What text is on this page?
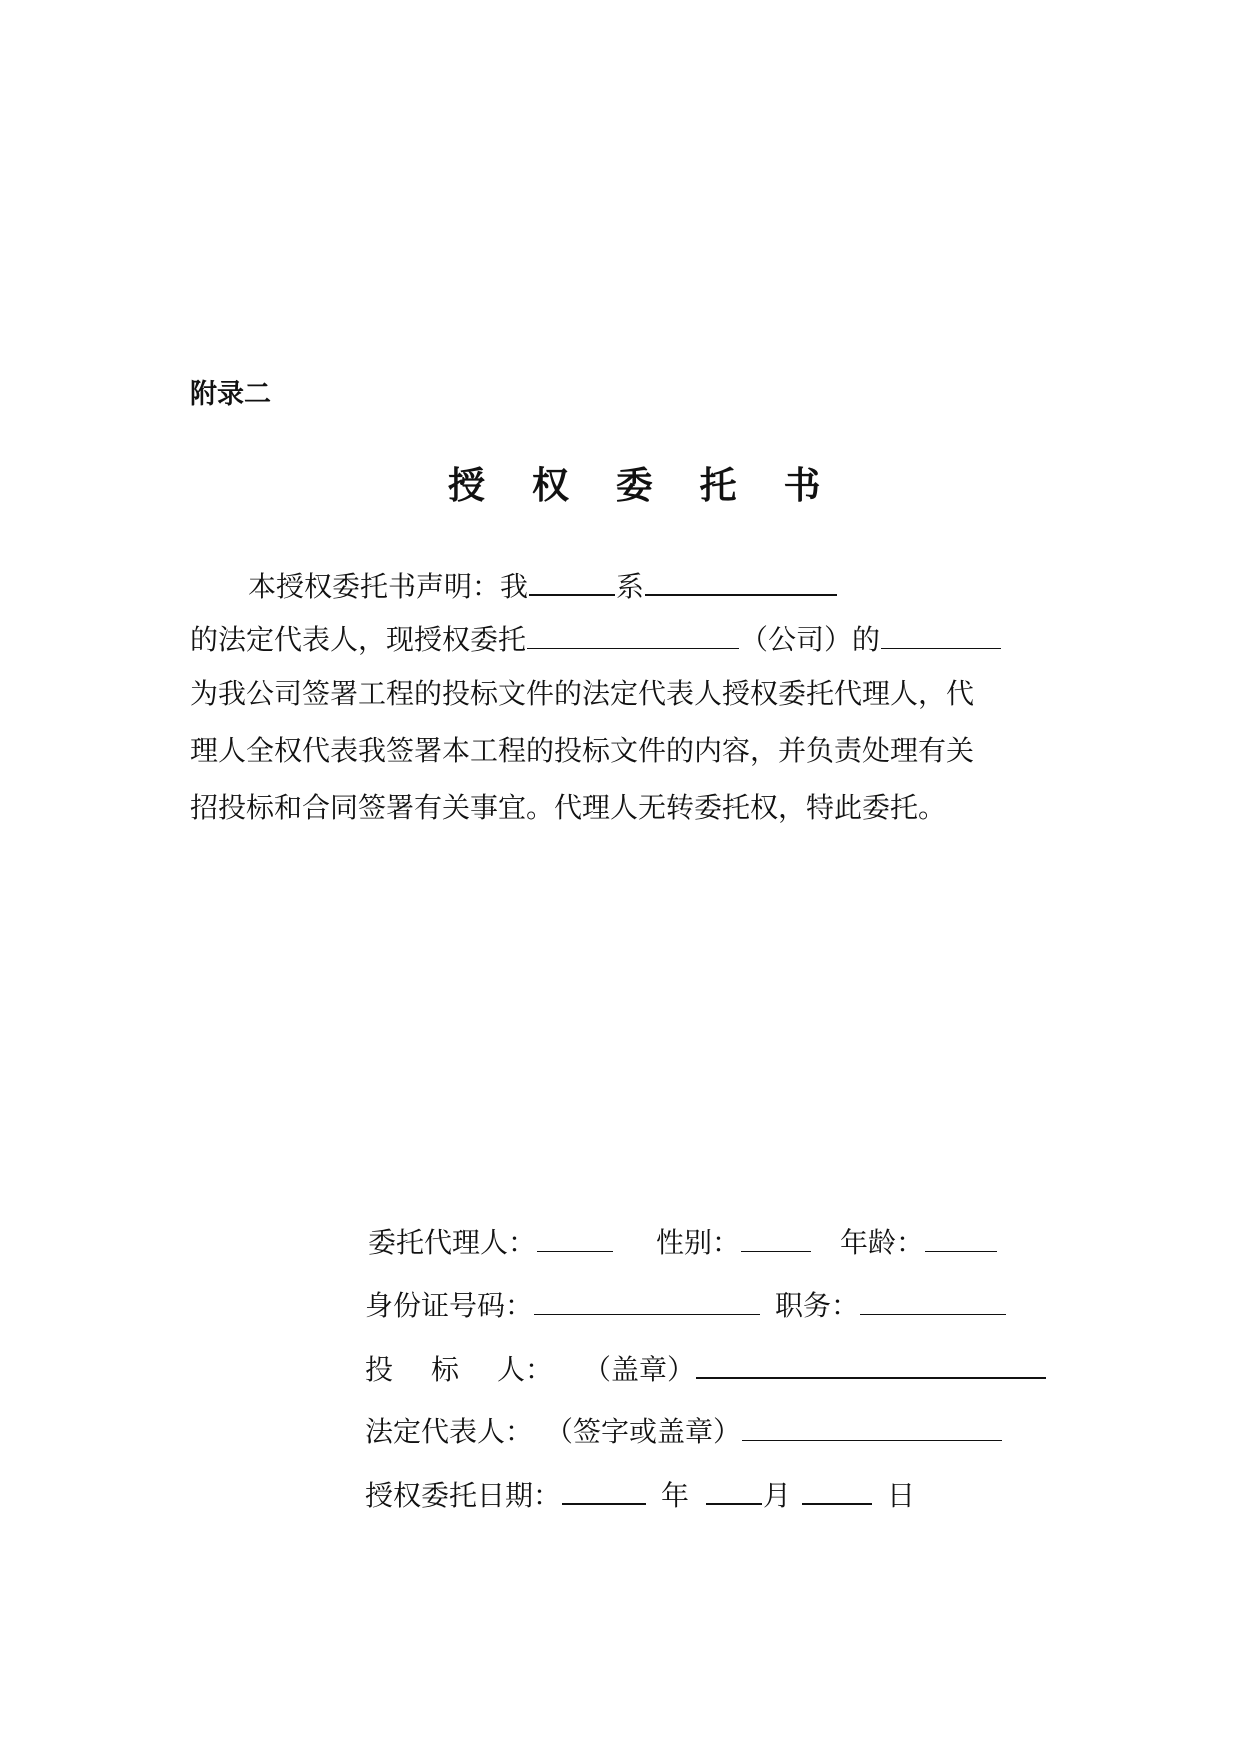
附录二
授 权 委 托 书
本授权委托书声明：我	系
的法定代表人，现授权委托	（公司）的
为我公司签署工程的投标文件的法定代表人授权委托代理人，代
理人全权代表我签署本工程的投标文件的内容，并负责处理有关
招投标和合同签署有关事宜。代理人无转委托权，特此委托。
委托代理人：	性别：	年龄：
身份证号码：	职务：
投 标 人： （盖章）
法定代表人： （签字或盖章）
授权委托日期：	年	月	日
